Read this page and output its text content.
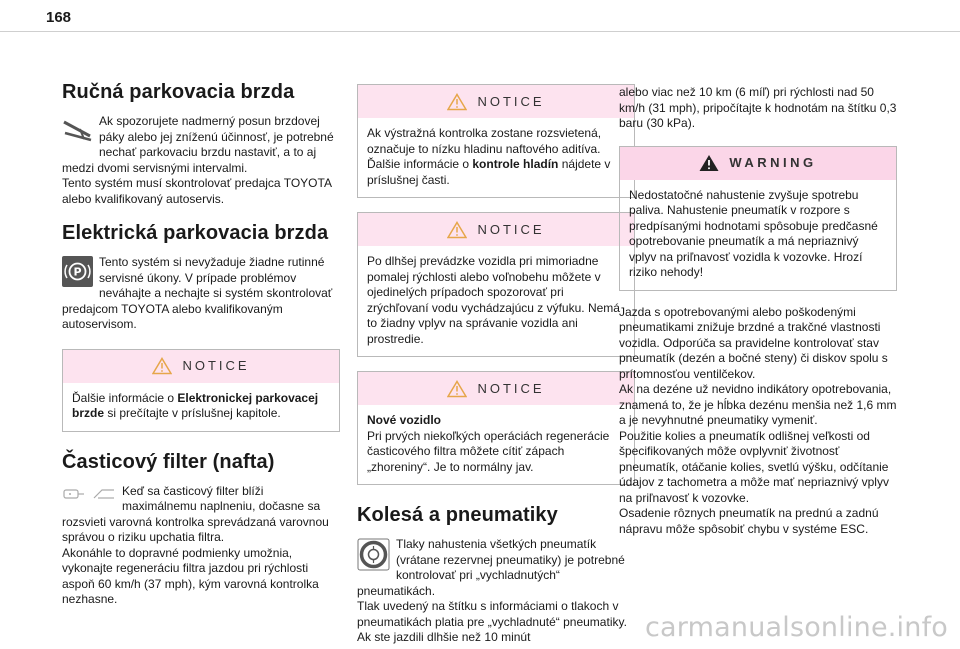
168
Ručná parkovacia brzda

Ak spozorujete nadmerný posun brzdovej páky alebo jej zníženú účinnosť, je potrebné nechať parkovaciu brzdu nastaviť, a to aj medzi dvomi servisnými intervalmi.

Tento systém musí skontrolovať predajca TOYOTA alebo kvalifikovaný autoservis.

Elektrická parkovacia brzda
P

Tento systém si nevyžaduje žiadne rutinné servisné úkony. V prípade problémov neváhajte a nechajte si systém skontrolovať predajcom TOYOTA alebo kvalifikovaným autoservisom.

NOTICE
Ďalšie informácie o Elektronickej parkovacej brzde si prečítajte v príslušnej kapitole.
Časticový filter (nafta)

Keď sa časticový filter blíži maximálnemu naplneniu, dočasne sa rozsvieti varovná kontrolka sprevádzaná varovnou správou o riziku upchatia filtra.

Akonáhle to dopravné podmienky umožnia, vykonajte regeneráciu filtra jazdou pri rýchlosti aspoň 60 km/h (37 mph), kým varovná kontrolka nezhasne.

NOTICE
Ak výstražná kontrolka zostane rozsvietená, označuje to nízku hladinu naftového aditíva. Ďalšie informácie o kontrole hladín nájdete v príslušnej časti.
NOTICE
Po dlhšej prevádzke vozidla pri mimoriadne pomalej rýchlosti alebo voľnobehu môžete v ojedinelých prípadoch spozorovať pri zrýchľovaní vodu vychádzajúcu z výfuku. Nemá to žiadny vplyv na správanie vozidla ani prostredie.
NOTICE
Nové vozidlo
Pri prvých niekoľkých operáciách regenerácie časticového filtra môžete cítiť zápach „zhoreniny“. Je to normálny jav.
Kolesá a pneumatiky

Tlaky nahustenia všetkých pneumatík (vrátane rezervnej pneumatiky) je potrebné kontrolovať pri „vychladnutých“ pneumatikách.

Tlak uvedený na štítku s informáciami o tlakoch v pneumatikách platia pre „vychladnuté“ pneumatiky. Ak ste jazdili dlhšie než 10 minút

alebo viac než 10 km (6 míľ) pri rýchlosti nad 50 km/h (31 mph), pripočítajte k hodnotám na štítku 0,3 baru (30 kPa).

WARNING
Nedostatočné nahustenie zvyšuje spotrebu paliva. Nahustenie pneumatík v rozpore s predpísanými hodnotami spôsobuje predčasné opotrebovanie pneumatík a má nepriaznivý vplyv na priľnavosť vozidla k vozovke. Hrozí riziko nehody!

Jazda s opotrebovanými alebo poškodenými pneumatikami znižuje brzdné a trakčné vlastnosti vozidla. Odporúča sa pravidelne kontrolovať stav pneumatík (dezén a bočné steny) či diskov spolu s prítomnosťou ventilčekov.

Ak na dezéne už nevidno indikátory opotrebovania, znamená to, že je hĺbka dezénu menšia než 1,6 mm a je nevyhnutné pneumatiky vymeniť.

Použitie kolies a pneumatík odlišnej veľkosti od špecifikovaných môže ovplyvniť životnosť pneumatík, otáčanie kolies, svetlú výšku, odčítanie údajov z tachometra a môže mať nepriaznivý vplyv na priľnavosť k vozovke.

Osadenie rôznych pneumatík na prednú a zadnú nápravu môže spôsobiť chybu v systéme ESC.

carmanualsonline.info
